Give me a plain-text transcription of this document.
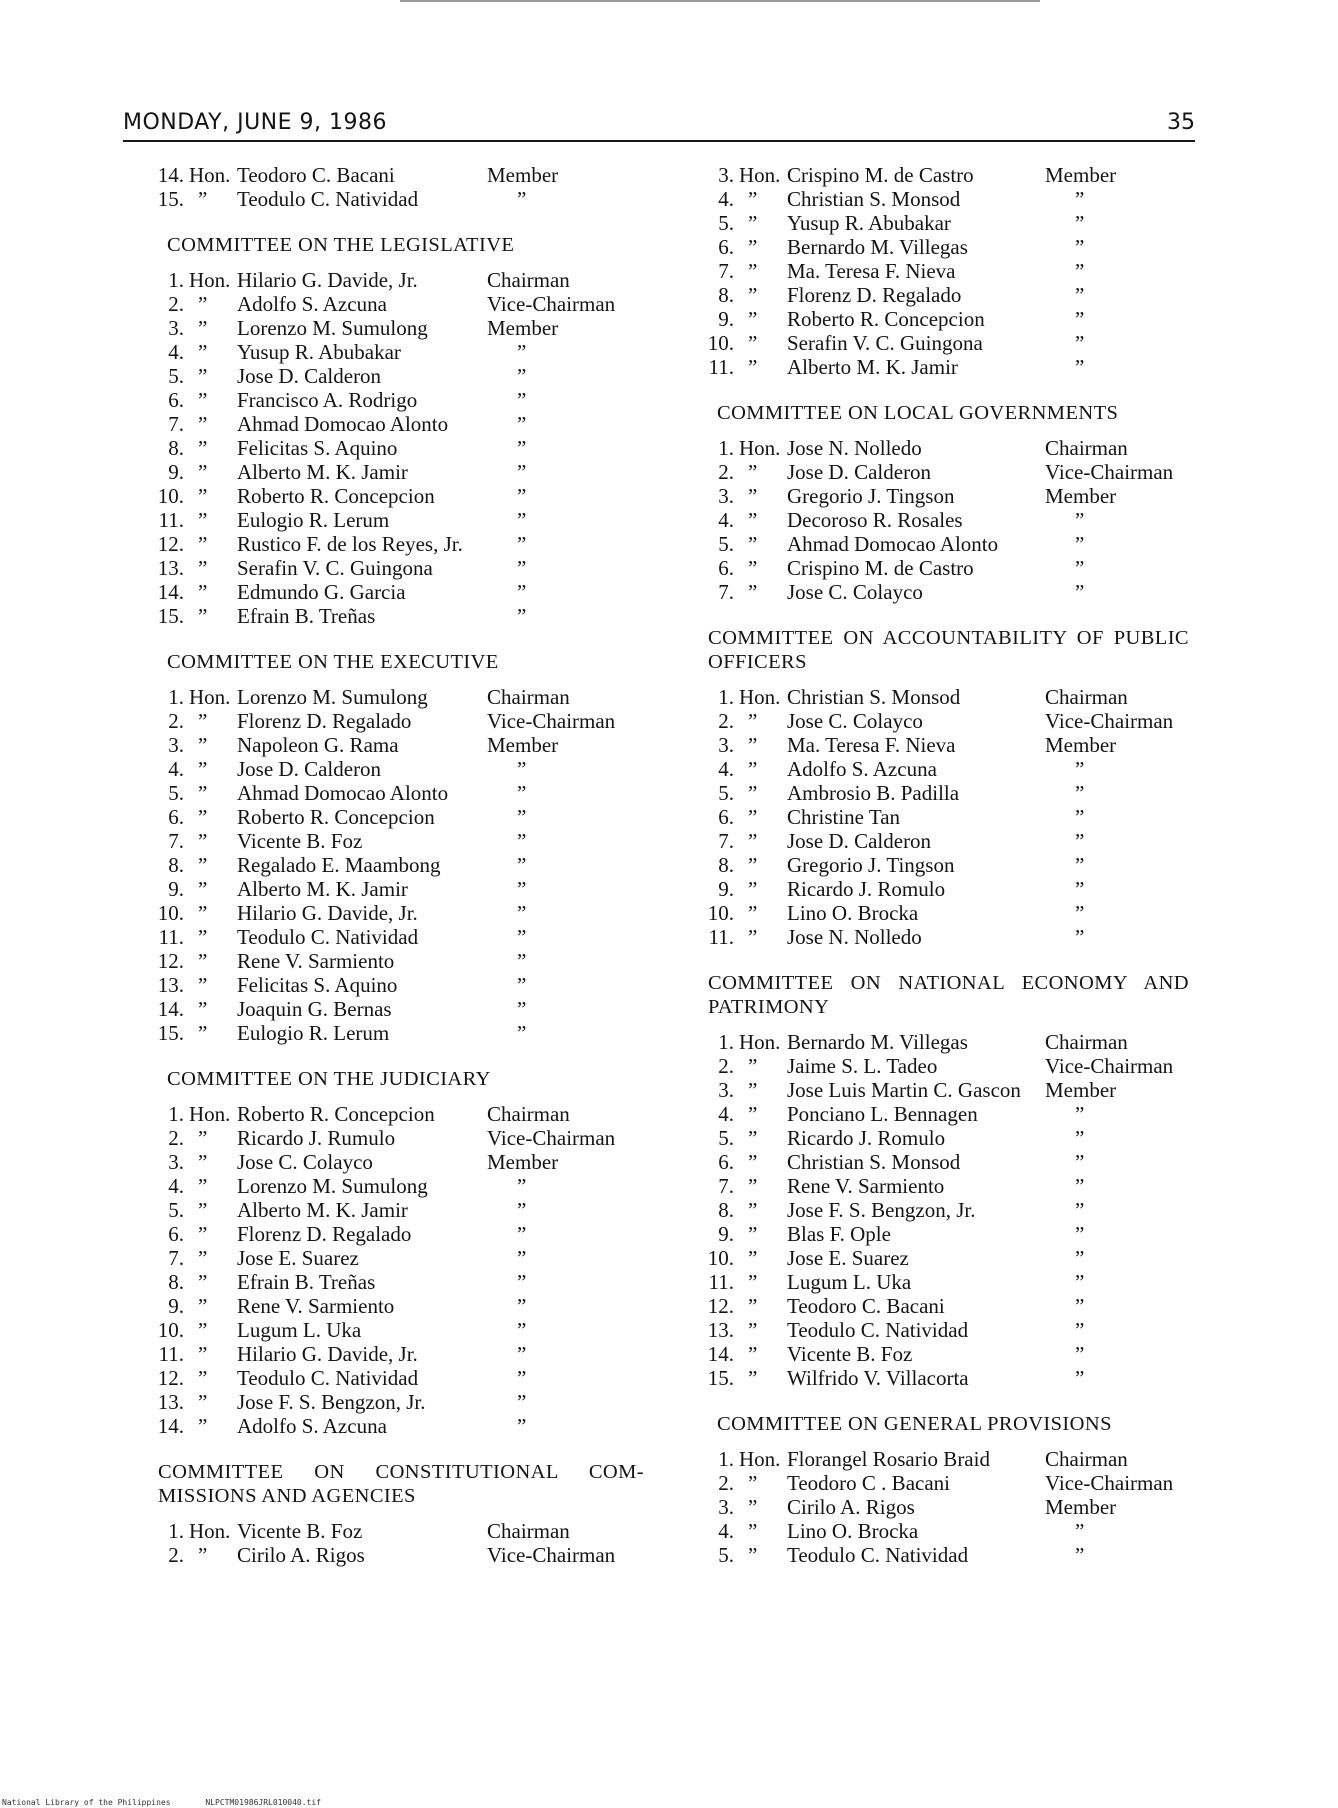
MONDAY, JUNE 9, 1986	35
14. Hon. Teodoro C. Bacani	Member
15. ”	Teodulo C. Natividad	”
COMMITTEE ON THE LEGISLATIVE
1. Hon. Hilario G. Davide, Jr.	Chairman
2. ”	Adolfo S. Azcuna	Vice-Chairman
3. ”	Lorenzo M. Sumulong	Member
4. ”	Yusup R. Abubakar	”
5. ”	Jose D. Calderon	”
6. ”	Francisco A. Rodrigo	”
7. ”	Ahmad Domocao Alonto	”
8. ”	Felicitas S. Aquino	”
9. ”	Alberto M. K. Jamir	”
10. ”	Roberto R. Concepcion	”
11. ”	Eulogio R. Lerum	”
12. ”	Rustico F. de los Reyes, Jr.	”
13. ”	Serafin V. C. Guingona	”
14. ”	Edmundo G. Garcia	”
15. ”	Efrain B. Treñas	”
COMMITTEE ON THE EXECUTIVE
1. Hon. Lorenzo M. Sumulong	Chairman
2. ”	Florenz D. Regalado	Vice-Chairman
3. ”	Napoleon G. Rama	Member
4. ”	Jose D. Calderon	”
5. ”	Ahmad Domocao Alonto	”
6. ”	Roberto R. Concepcion	”
7. ”	Vicente B. Foz	”
8. ”	Regalado E. Maambong	”
9. ”	Alberto M. K. Jamir	”
10. ”	Hilario G. Davide, Jr.	”
11. ”	Teodulo C. Natividad	”
12. ”	Rene V. Sarmiento	”
13. ”	Felicitas S. Aquino	”
14. ”	Joaquin G. Bernas	”
15. ”	Eulogio R. Lerum	”
COMMITTEE ON THE JUDICIARY
1. Hon. Roberto R. Concepcion	Chairman
2. ”	Ricardo J. Rumulo	Vice-Chairman
3. ”	Jose C. Colayco	Member
4. ”	Lorenzo M. Sumulong	”
5. ”	Alberto M. K. Jamir	”
6. ”	Florenz D. Regalado	”
7. ”	Jose E. Suarez	”
8. ”	Efrain B. Treñas	”
9. ”	Rene V. Sarmiento	”
10. ”	Lugum L. Uka	”
11. ”	Hilario G. Davide, Jr.	”
12. ”	Teodulo C. Natividad	”
13. ”	Jose F. S. Bengzon, Jr.	”
14. ”	Adolfo S. Azcuna	”
COMMITTEE ON CONSTITUTIONAL COM-MISSIONS AND AGENCIES
1. Hon. Vicente B. Foz	Chairman
2. ”	Cirilo A. Rigos	Vice-Chairman
3. Hon. Crispino M. de Castro	Member
4. ”	Christian S. Monsod	”
5. ”	Yusup R. Abubakar	”
6. ”	Bernardo M. Villegas	”
7. ”	Ma. Teresa F. Nieva	”
8. ”	Florenz D. Regalado	”
9. ”	Roberto R. Concepcion	”
10. ”	Serafin V. C. Guingona	”
11. ”	Alberto M. K. Jamir	”
COMMITTEE ON LOCAL GOVERNMENTS
1. Hon. Jose N. Nolledo	Chairman
2. ”	Jose D. Calderon	Vice-Chairman
3. ”	Gregorio J. Tingson	Member
4. ”	Decoroso R. Rosales	”
5. ”	Ahmad Domocao Alonto	”
6. ”	Crispino M. de Castro	”
7. ”	Jose C. Colayco	”
COMMITTEE ON ACCOUNTABILITY OF PUBLIC OFFICERS
1. Hon. Christian S. Monsod	Chairman
2. ”	Jose C. Colayco	Vice-Chairman
3. ”	Ma. Teresa F. Nieva	Member
4. ”	Adolfo S. Azcuna	”
5. ”	Ambrosio B. Padilla	”
6. ”	Christine Tan	”
7. ”	Jose D. Calderon	”
8. ”	Gregorio J. Tingson	”
9. ”	Ricardo J. Romulo	”
10. ”	Lino O. Brocka	”
11. ”	Jose N. Nolledo	”
COMMITTEE ON NATIONAL ECONOMY AND PATRIMONY
1. Hon. Bernardo M. Villegas	Chairman
2. ”	Jaime S. L. Tadeo	Vice-Chairman
3. ”	Jose Luis Martin C. Gascon	Member
4. ”	Ponciano L. Bennagen	”
5. ”	Ricardo J. Romulo	”
6. ”	Christian S. Monsod	”
7. ”	Rene V. Sarmiento	”
8. ”	Jose F. S. Bengzon, Jr.	”
9. ”	Blas F. Ople	”
10. ”	Jose E. Suarez	”
11. ”	Lugum L. Uka	”
12. ”	Teodoro C. Bacani	”
13. ”	Teodulo C. Natividad	”
14. ”	Vicente B. Foz	”
15. ”	Wilfrido V. Villacorta	”
COMMITTEE ON GENERAL PROVISIONS
1. Hon. Florangel Rosario Braid	Chairman
2. ”	Teodoro C . Bacani	Vice-Chairman
3. ”	Cirilo A. Rigos	Member
4. ”	Lino O. Brocka	”
5. ”	Teodulo C. Natividad	”
National Library of the Philippines	NLPCTM01986JRL010040.tif
